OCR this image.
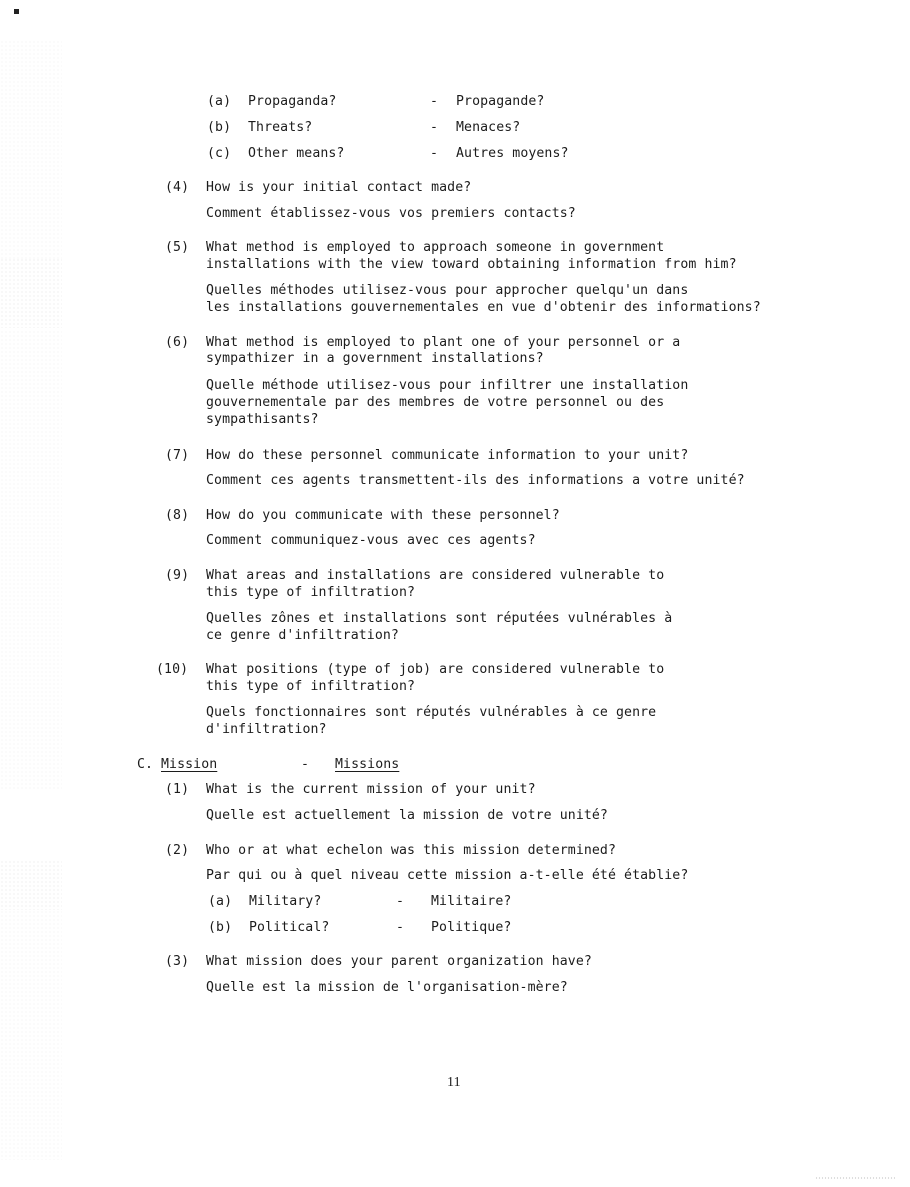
(a) Propaganda?	- Propagande?
(b) Threats?	- Menaces?
(c) Other means?	- Autres moyens?
(4) How is your initial contact made?
Comment établissez-vous vos premiers contacts?
(5) What method is employed to approach someone in government
installations with the view toward obtaining information from him?
Quelles méthodes utilisez-vous pour approcher quelqu'un dans
les installations gouvernementales en vue d'obtenir des informations?
(6) What method is employed to plant one of your personnel or a
sympathizer in a government installations?
Quelle méthode utilisez-vous pour infiltrer une installation
gouvernementale par des membres de votre personnel ou des
sympathisants?
(7) How do these personnel communicate information to your unit?
Comment ces agents transmettent-ils des informations a votre unité?
(8) How do you communicate with these personnel?
Comment communiquez-vous avec ces agents?
(9) What areas and installations are considered vulnerable to
this type of infiltration?
Quelles zônes et installations sont réputées vulnérables à
ce genre d'infiltration?
(10) What positions (type of job) are considered vulnerable to
this type of infiltration?
Quels fonctionnaires sont réputés vulnérables à ce genre
d'infiltration?
C. Mission	- Missions
(1) What is the current mission of your unit?
Quelle est actuellement la mission de votre unité?
(2) Who or at what echelon was this mission determined?
Par qui ou à quel niveau cette mission a-t-elle été établie?
(a) Military?	- Militaire?
(b) Political?	- Politique?
(3) What mission does your parent organization have?
Quelle est la mission de l'organisation-mère?
11
